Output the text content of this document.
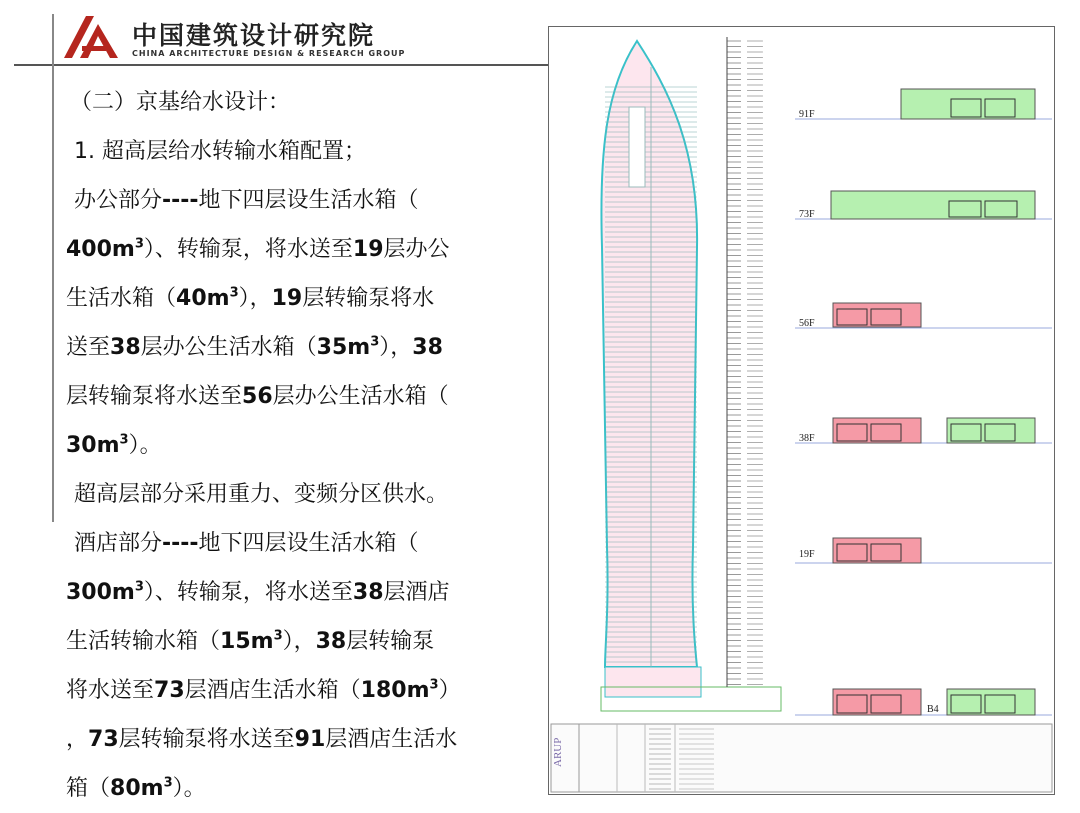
中国建筑设计研究院
CHINA ARCHITECTURE DESIGN & RESEARCH GROUP
（二）京基给水设计：
1. 超高层给水转输水箱配置；
办公部分----地下四层设生活水箱（
$400m^3$）、转输泵，将水送至19层办公
生活水箱$(40m^3)$，19层转输泵将水
送至38层办公生活水箱$(35m^3)$，38
层转输泵将水送至56层办公生活水箱（
$30m^3$）。
超高层部分采用重力、变频分区供水。
酒店部分----地下四层设生活水箱（
$300m^3$）、转输泵，将水送至38层酒店
生活转输水箱$(15m^3)$，38层转输泵
将水送至73层酒店生活水箱$(180m^3)$
，73层转输泵将水送至91层酒店生活水
箱$(80m^3)$。
91F
73F
56F
38F
19F
B4
ARUP
